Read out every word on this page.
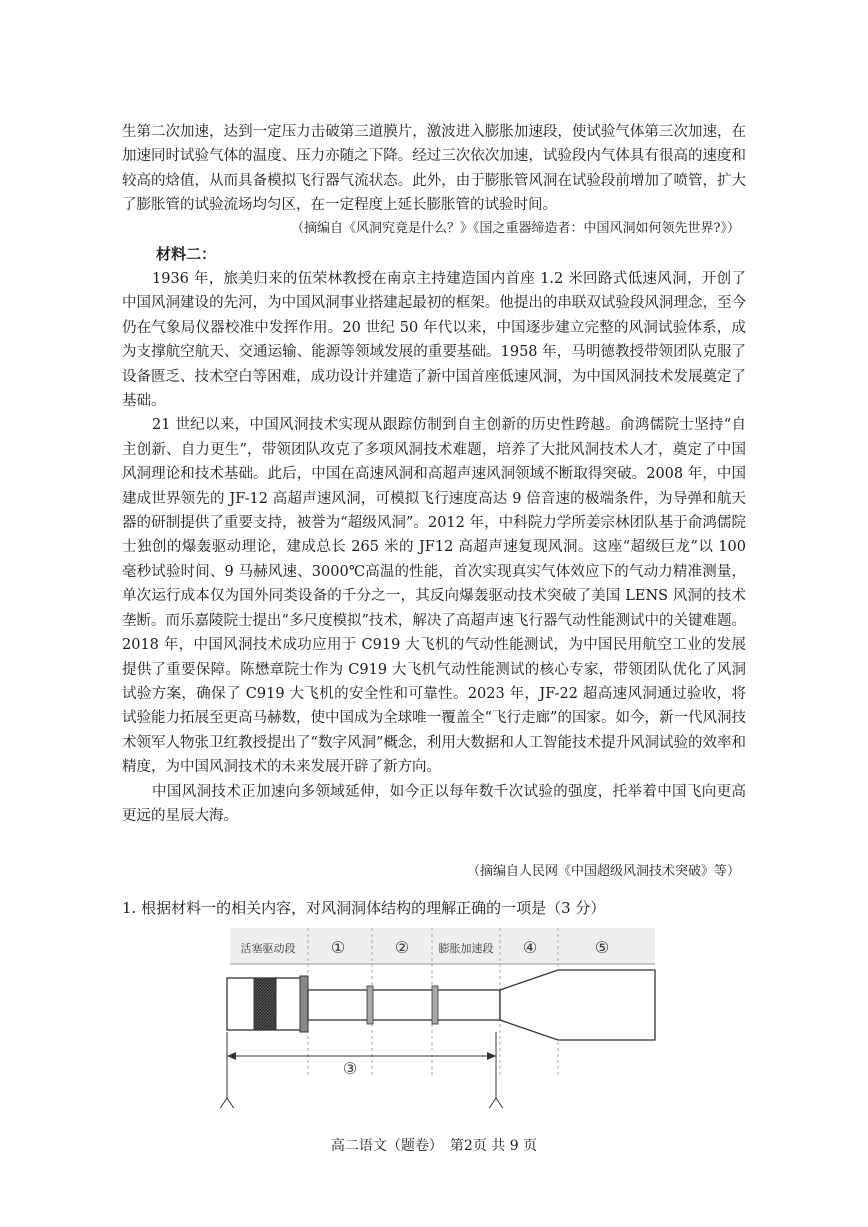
生第二次加速，达到一定压力击破第三道膜片，激波进入膨胀加速段，使试验气体第三次加速，在加速同时试验气体的温度、压力亦随之下降。经过三次依次加速，试验段内气体具有很高的速度和较高的焓值，从而具备模拟飞行器气流状态。此外，由于膨胀管风洞在试验段前增加了喷管，扩大了膨胀管的试验流场均匀区，在一定程度上延长膨胀管的试验时间。

（摘编自《风洞究竟是什么？》《国之重器缔造者：中国风洞如何领先世界?》）
材料二：

1936 年，旅美归来的伍荣林教授在南京主持建造国内首座 1.2 米回路式低速风洞，开创了中国风洞建设的先河，为中国风洞事业搭建起最初的框架。他提出的串联双试验段风洞理念，至今仍在气象局仪器校准中发挥作用。20 世纪 50 年代以来，中国逐步建立完整的风洞试验体系，成为支撑航空航天、交通运输、能源等领域发展的重要基础。1958 年，马明德教授带领团队克服了设备匮乏、技术空白等困难，成功设计并建造了新中国首座低速风洞，为中国风洞技术发展奠定了基础。

21 世纪以来，中国风洞技术实现从跟踪仿制到自主创新的历史性跨越。俞鸿儒院士坚持“自主创新、自力更生”，带领团队攻克了多项风洞技术难题，培养了大批风洞技术人才，奠定了中国风洞理论和技术基础。此后，中国在高速风洞和高超声速风洞领域不断取得突破。2008 年，中国建成世界领先的 JF-12 高超声速风洞，可模拟飞行速度高达 9 倍音速的极端条件，为导弹和航天器的研制提供了重要支持，被誉为“超级风洞”。2012 年，中科院力学所姜宗林团队基于俞鸿儒院士独创的爆轰驱动理论，建成总长 265 米的 JF12 高超声速复现风洞。这座“超级巨龙”以 100 毫秒试验时间、9 马赫风速、3000℃高温的性能，首次实现真实气体效应下的气动力精准测量，单次运行成本仅为国外同类设备的千分之一，其反向爆轰驱动技术突破了美国 LENS 风洞的技术垄断。而乐嘉陵院士提出“多尺度模拟”技术，解决了高超声速飞行器气动性能测试中的关键难题。2018 年，中国风洞技术成功应用于 C919 大飞机的气动性能测试，为中国民用航空工业的发展提供了重要保障。陈懋章院士作为 C919 大飞机气动性能测试的核心专家，带领团队优化了风洞试验方案，确保了 C919 大飞机的安全性和可靠性。2023 年，JF-22 超高速风洞通过验收，将试验能力拓展至更高马赫数，使中国成为全球唯一覆盖全“飞行走廊”的国家。如今，新一代风洞技术领军人物张卫红教授提出了“数字风洞”概念，利用大数据和人工智能技术提升风洞试验的效率和精度，为中国风洞技术的未来发展开辟了新方向。

中国风洞技术正加速向多领域延伸，如今正以每年数千次试验的强度，托举着中国飞向更高更远的星辰大海。

（摘编自人民网《中国超级风洞技术突破》等）
1. 根据材料一的相关内容，对风洞洞体结构的理解正确的一项是（3 分）
活塞驱动段 ①	②	膨胀加速段 ④	⑤
③
高二语文（题卷）　第2页 共 9 页
